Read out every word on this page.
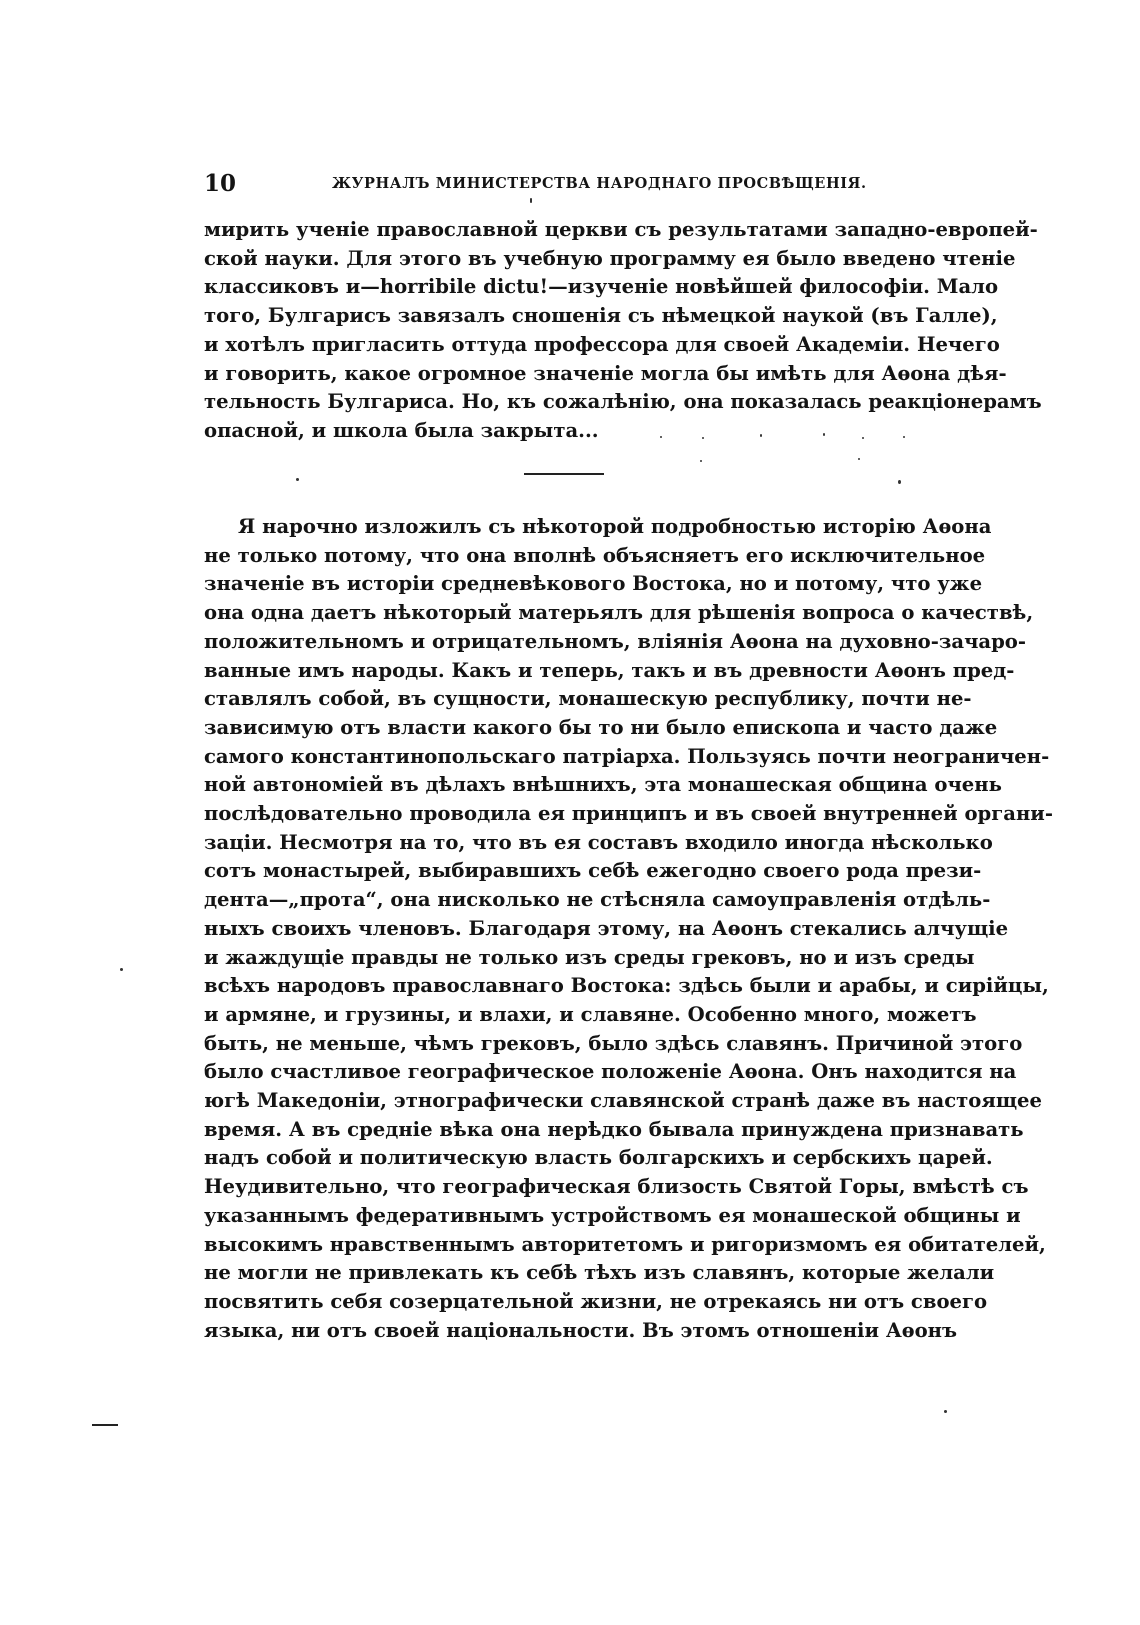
10	ЖУРНАЛЪ МИНИСТЕРСТВА НАРОДНАГО ПРОСВѢЩЕНІЯ.

мирить ученіе православной церкви съ результатами западно-европей-
ской науки. Для этого въ учебную программу ея было введено чтеніе
классиковъ и—horribile dictu!—изученіе новѣйшей философіи. Мало
того, Булгарисъ завязалъ сношенія съ нѣмецкой наукой (въ Галле),
и хотѣлъ пригласить оттуда профессора для своей Академіи. Нечего
и говорить, какое огромное значеніе могла бы имѣть для Аѳона дѣя-
тельность Булгариса. Но, къ сожалѣнію, она показалась реакціонерамъ
опасной, и школа была закрыта...

Я нарочно изложилъ съ нѣкоторой подробностью исторію Аѳона
не только потому, что она вполнѣ объясняетъ его исключительное
значеніе въ исторіи средневѣкового Востока, но и потому, что уже
она одна даетъ нѣкоторый матерьялъ для рѣшенія вопроса о качествѣ,
положительномъ и отрицательномъ, вліянія Аѳона на духовно-зачаро-
ванные имъ народы. Какъ и теперь, такъ и въ древности Аѳонъ пред-
ставлялъ собой, въ сущности, монашескую республику, почти не-
зависимую отъ власти какого бы то ни было епископа и часто даже
самого константинопольскаго патріарха. Пользуясь почти неограничен-
ной автономіей въ дѣлахъ внѣшнихъ, эта монашеская община очень
послѣдовательно проводила ея принципъ и въ своей внутренней органи-
заціи. Несмотря на то, что въ ея составъ входило иногда нѣсколько
сотъ монастырей, выбиравшихъ себѣ ежегодно своего рода прези-
дента—„прота“, она нисколько не стѣсняла самоуправленія отдѣль-
ныхъ своихъ членовъ. Благодаря этому, на Аѳонъ стекались алчущіе
и жаждущіе правды не только изъ среды грековъ, но и изъ среды
всѣхъ народовъ православнаго Востока: здѣсь были и арабы, и сирійцы,
и армяне, и грузины, и влахи, и славяне. Особенно много, можетъ
быть, не меньше, чѣмъ грековъ, было здѣсь славянъ. Причиной этого
было счастливое географическое положеніе Аѳона. Онъ находится на
югѣ Македоніи, этнографически славянской странѣ даже въ настоящее
время. А въ средніе вѣка она нерѣдко бывала принуждена признавать
надъ собой и политическую власть болгарскихъ и сербскихъ царей.
Неудивительно, что географическая близость Святой Горы, вмѣстѣ съ
указаннымъ федеративнымъ устройствомъ ея монашеской общины и
высокимъ нравственнымъ авторитетомъ и ригоризмомъ ея обитателей,
не могли не привлекать къ себѣ тѣхъ изъ славянъ, которые желали
посвятить себя созерцательной жизни, не отрекаясь ни отъ своего
языка, ни отъ своей національности. Въ этомъ отношеніи Аѳонъ
